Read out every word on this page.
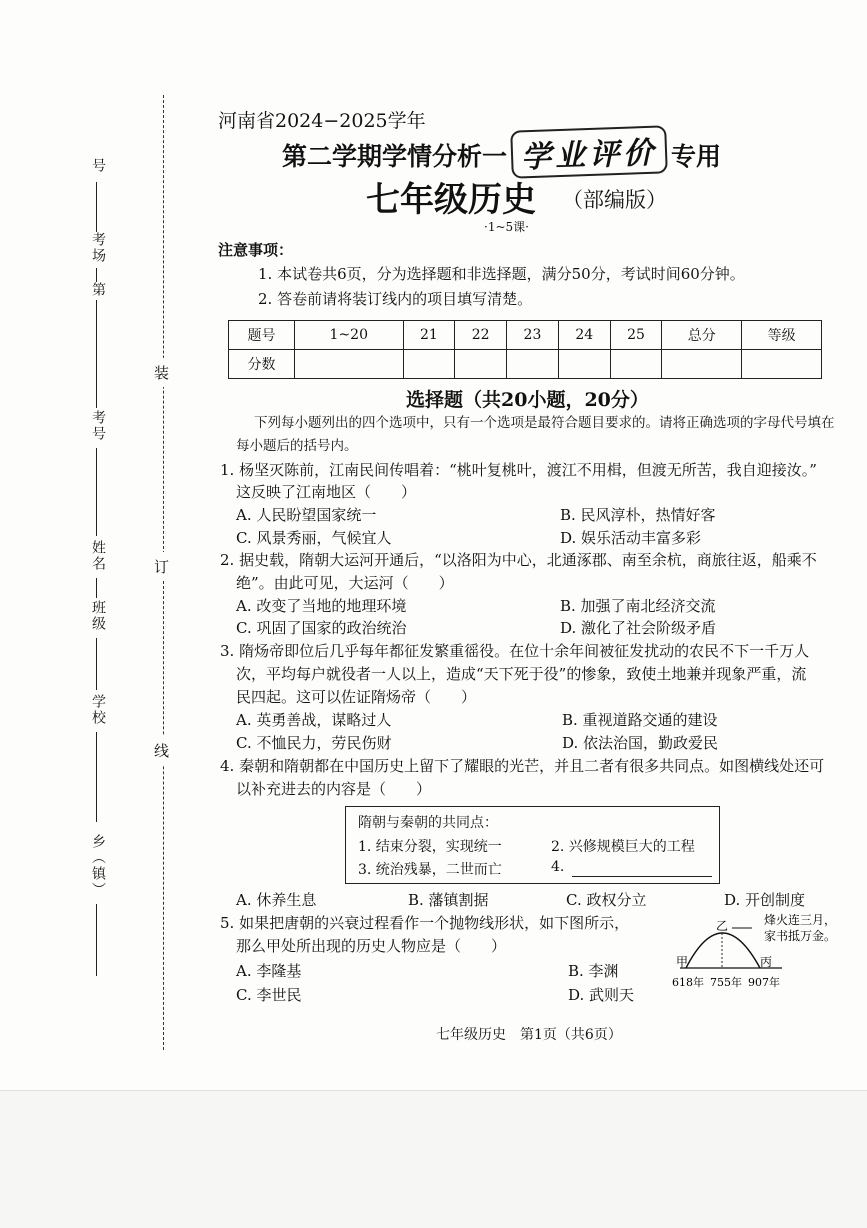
号
考场
第
考号
姓名
班级
学校
乡（镇）
装
订
线
河南省2024−2025学年
第二学期学情分析一 学业评价 专用
七年级历史 （部编版）
·1~5课·
注意事项：
1. 本试卷共6页，分为选择题和非选择题，满分50分，考试时间60分钟。
2. 答卷前请将装订线内的项目填写清楚。
题号	1~20	21	22	23	24	25	总分	等级
分数								
选择题（共20小题，20分）
下列每小题列出的四个选项中，只有一个选项是最符合题目要求的。请将正确选项的字母代号填在每小题后的括号内。
1. 杨坚灭陈前，江南民间传唱着：“桃叶复桃叶，渡江不用楫，但渡无所苦，我自迎接汝。”
这反映了江南地区（　　）
A. 人民盼望国家统一	B. 民风淳朴，热情好客
C. 风景秀丽，气候宜人	D. 娱乐活动丰富多彩
2. 据史载，隋朝大运河开通后，“以洛阳为中心，北通涿郡、南至余杭，商旅往返，船乘不
绝”。由此可见，大运河（　　）
A. 改变了当地的地理环境	B. 加强了南北经济交流
C. 巩固了国家的政治统治	D. 激化了社会阶级矛盾
3. 隋炀帝即位后几乎每年都征发繁重徭役。在位十余年间被征发扰动的农民不下一千万人
次，平均每户就役者一人以上，造成“天下死于役”的惨象，致使土地兼并现象严重，流
民四起。这可以佐证隋炀帝（　　）
A. 英勇善战，谋略过人	B. 重视道路交通的建设
C. 不恤民力，劳民伤财	D. 依法治国，勤政爱民
4. 秦朝和隋朝都在中国历史上留下了耀眼的光芒，并且二者有很多共同点。如图横线处还可
以补充进去的内容是（　　）
隋朝与秦朝的共同点：
1. 结束分裂，实现统一	2. 兴修规模巨大的工程
3. 统治残暴，二世而亡	4.
A. 休养生息	B. 藩镇割据	C. 政权分立	D. 开创制度
5. 如果把唐朝的兴衰过程看作一个抛物线形状，如下图所示，
那么甲处所出现的历史人物应是（　　）
A. 李隆基	B. 李渊
C. 李世民	D. 武则天
甲
乙
丙
618年 755年 907年
烽火连三月，
家书抵万金。
七年级历史　第1页（共6页）
